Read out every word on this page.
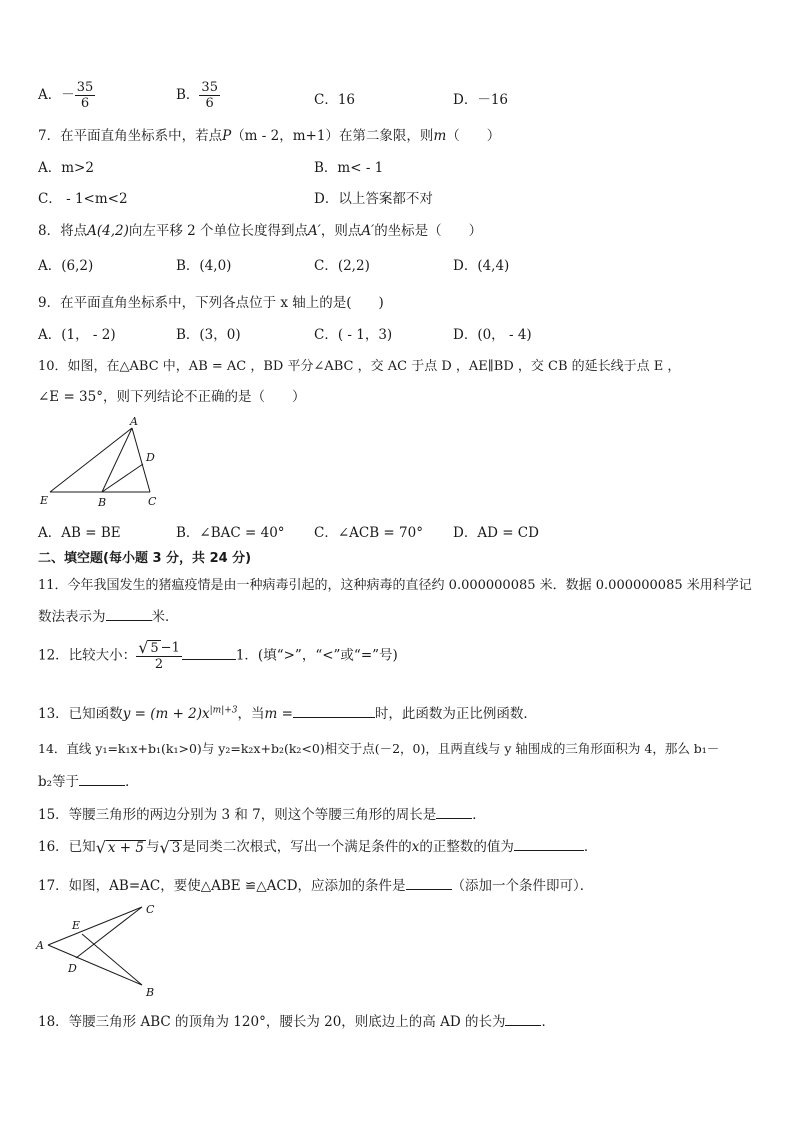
A．－ $\frac{35}{6}$	B． $\frac{35}{6}$	C．16	D．－16
7．在平面直角坐标系中，若点P（m - 2，m+1）在第二象限，则m（　　）
A．m>2	B．m< - 1
C． - 1<m<2	D．以上答案都不对
8．将点A(4,2)向左平移 2 个单位长度得到点A′，则点A′的坐标是（　　）
A．(6,2)	B．(4,0)	C．(2,2)	D．(4,4)
9．在平面直角坐标系中，下列各点位于 x 轴上的是(　　)
A．(1， - 2)	B．(3，0)	C．( - 1，3)	D．(0， - 4)
10．如图，在△ABC 中，AB = AC ，BD 平分∠ABC ，交 AC 于点 D ，AE∥BD ，交 CB 的延长线于点 E ，
∠E = 35°，则下列结论不正确的是（　　）
A
D
C
B
E
A．AB = BE	B．∠BAC = 40° C．∠ACB = 70° D．AD = CD
二、填空题(每小题 3 分，共 24 分)
11．今年我国发生的猪瘟疫情是由一种病毒引起的，这种病毒的直径约 0.000000085 米．数据 0.000000085 米用科学记
数法表示为	米．
12．比较大小： $\frac{√ 5 -1}{2}$	1．(填“>”，“<”或“=”号)
13．已知函数$y = (m + 2)x^{|m|+3}$，当m =	时，此函数为正比例函数．
14．直线 y₁=k₁x+b₁(k₁>0)与 y₂=k₂x+b₂(k₂<0)相交于点(－2，0)，且两直线与 y 轴围成的三角形面积为 4，那么 b₁－
b₂等于	．
15．等腰三角形的两边分别为 3 和 7，则这个等腰三角形的周长是	．
16．已知 √ x + 5 与 √ 3 是同类二次根式，写出一个满足条件的x的正整数的值为	．
17．如图，AB=AC，要使△ABE ≌△ACD，应添加的条件是	（添加一个条件即可）．
A
C
B
E
D
18．等腰三角形 ABC 的顶角为 120°，腰长为 20，则底边上的高 AD 的长为	．
